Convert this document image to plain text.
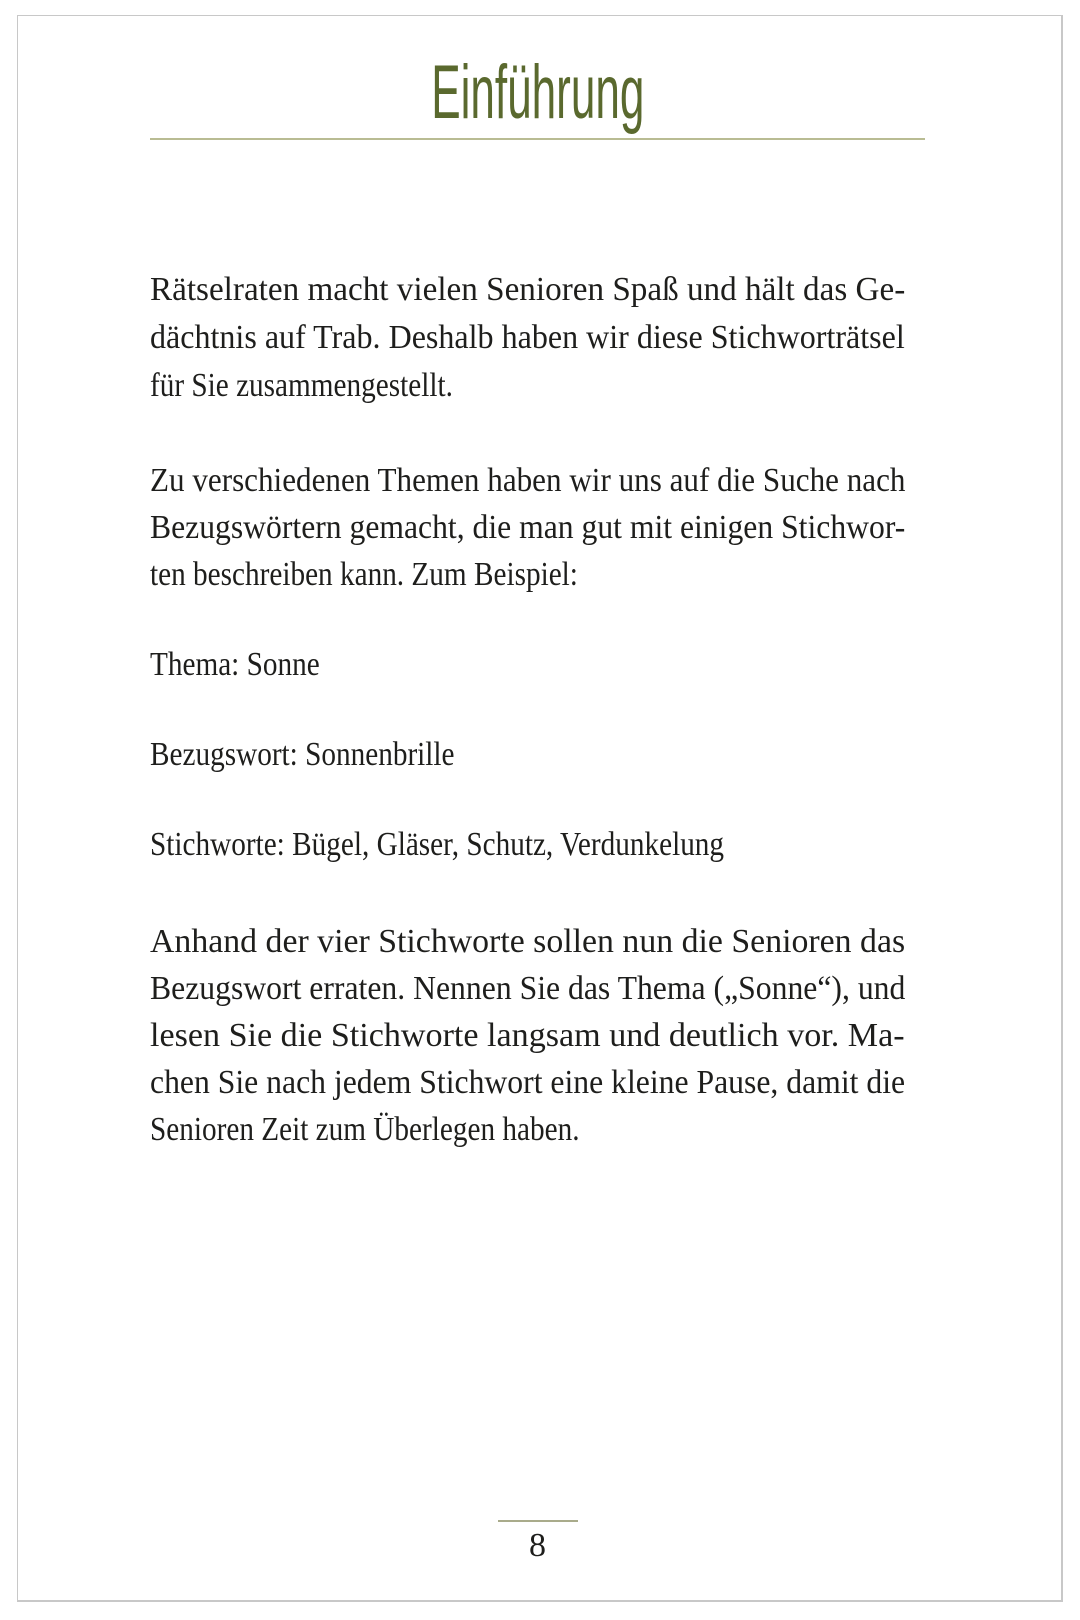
Einführung
Rätselraten macht vielen Senioren Spaß und hält das Ge-
dächtnis auf Trab. Deshalb haben wir diese Stichworträtsel
für Sie zusammengestellt.
Zu verschiedenen Themen haben wir uns auf die Suche nach
Bezugswörtern gemacht, die man gut mit einigen Stichwor-
ten beschreiben kann. Zum Beispiel:
Thema: Sonne
Bezugswort: Sonnenbrille
Stichworte: Bügel, Gläser, Schutz, Verdunkelung
Anhand der vier Stichworte sollen nun die Senioren das
Bezugswort erraten. Nennen Sie das Thema („Sonne“), und
lesen Sie die Stichworte langsam und deutlich vor. Ma-
chen Sie nach jedem Stichwort eine kleine Pause, damit die
Senioren Zeit zum Überlegen haben.
8
